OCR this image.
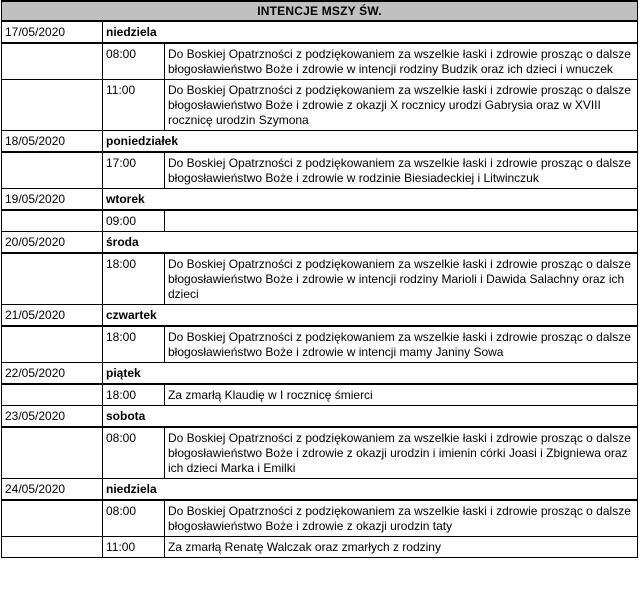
INTENCJE MSZY ŚW.		
17/05/2020	niedziela	
	08:00	Do Boskiej Opatrzności z podziękowaniem za wszelkie łaski i zdrowie prosząc o dalsze błogosławieństwo Boże i zdrowie w intencji rodziny Budzik oraz ich dzieci i wnuczek
	11:00	Do Boskiej Opatrzności z podziękowaniem za wszelkie łaski i zdrowie prosząc o dalsze błogosławieństwo Boże i zdrowie z okazji X rocznicy urodzi Gabrysia oraz w XVIII rocznicę urodzin Szymona
18/05/2020	poniedziałek	
	17:00	Do Boskiej Opatrzności z podziękowaniem za wszelkie łaski i zdrowie prosząc o dalsze błogosławieństwo Boże i zdrowie w rodzinie Biesiadeckiej i Litwinczuk
19/05/2020	wtorek	
	09:00	
20/05/2020	środa	
	18:00	Do Boskiej Opatrzności z podziękowaniem za wszelkie łaski i zdrowie prosząc o dalsze błogosławieństwo Boże i zdrowie w intencji rodziny Marioli i Dawida Salachny oraz ich dzieci
21/05/2020	czwartek	
	18:00	Do Boskiej Opatrzności z podziękowaniem za wszelkie łaski i zdrowie prosząc o dalsze błogosławieństwo Boże i zdrowie w intencji mamy Janiny Sowa
22/05/2020	piątek	
	18:00	Za zmarłą Klaudię w I rocznicę śmierci
23/05/2020	sobota	
	08:00	Do Boskiej Opatrzności z podziękowaniem za wszelkie łaski i zdrowie prosząc o dalsze błogosławieństwo Boże i zdrowie z okazji urodzin i imienin córki Joasi i Zbigniewa oraz ich dzieci Marka i Emilki
24/05/2020	niedziela	
	08:00	Do Boskiej Opatrzności z podziękowaniem za wszelkie łaski i zdrowie prosząc o dalsze błogosławieństwo Boże i zdrowie z okazji urodzin taty
	11:00	Za zmarłą Renatę Walczak oraz zmarłych z rodziny
